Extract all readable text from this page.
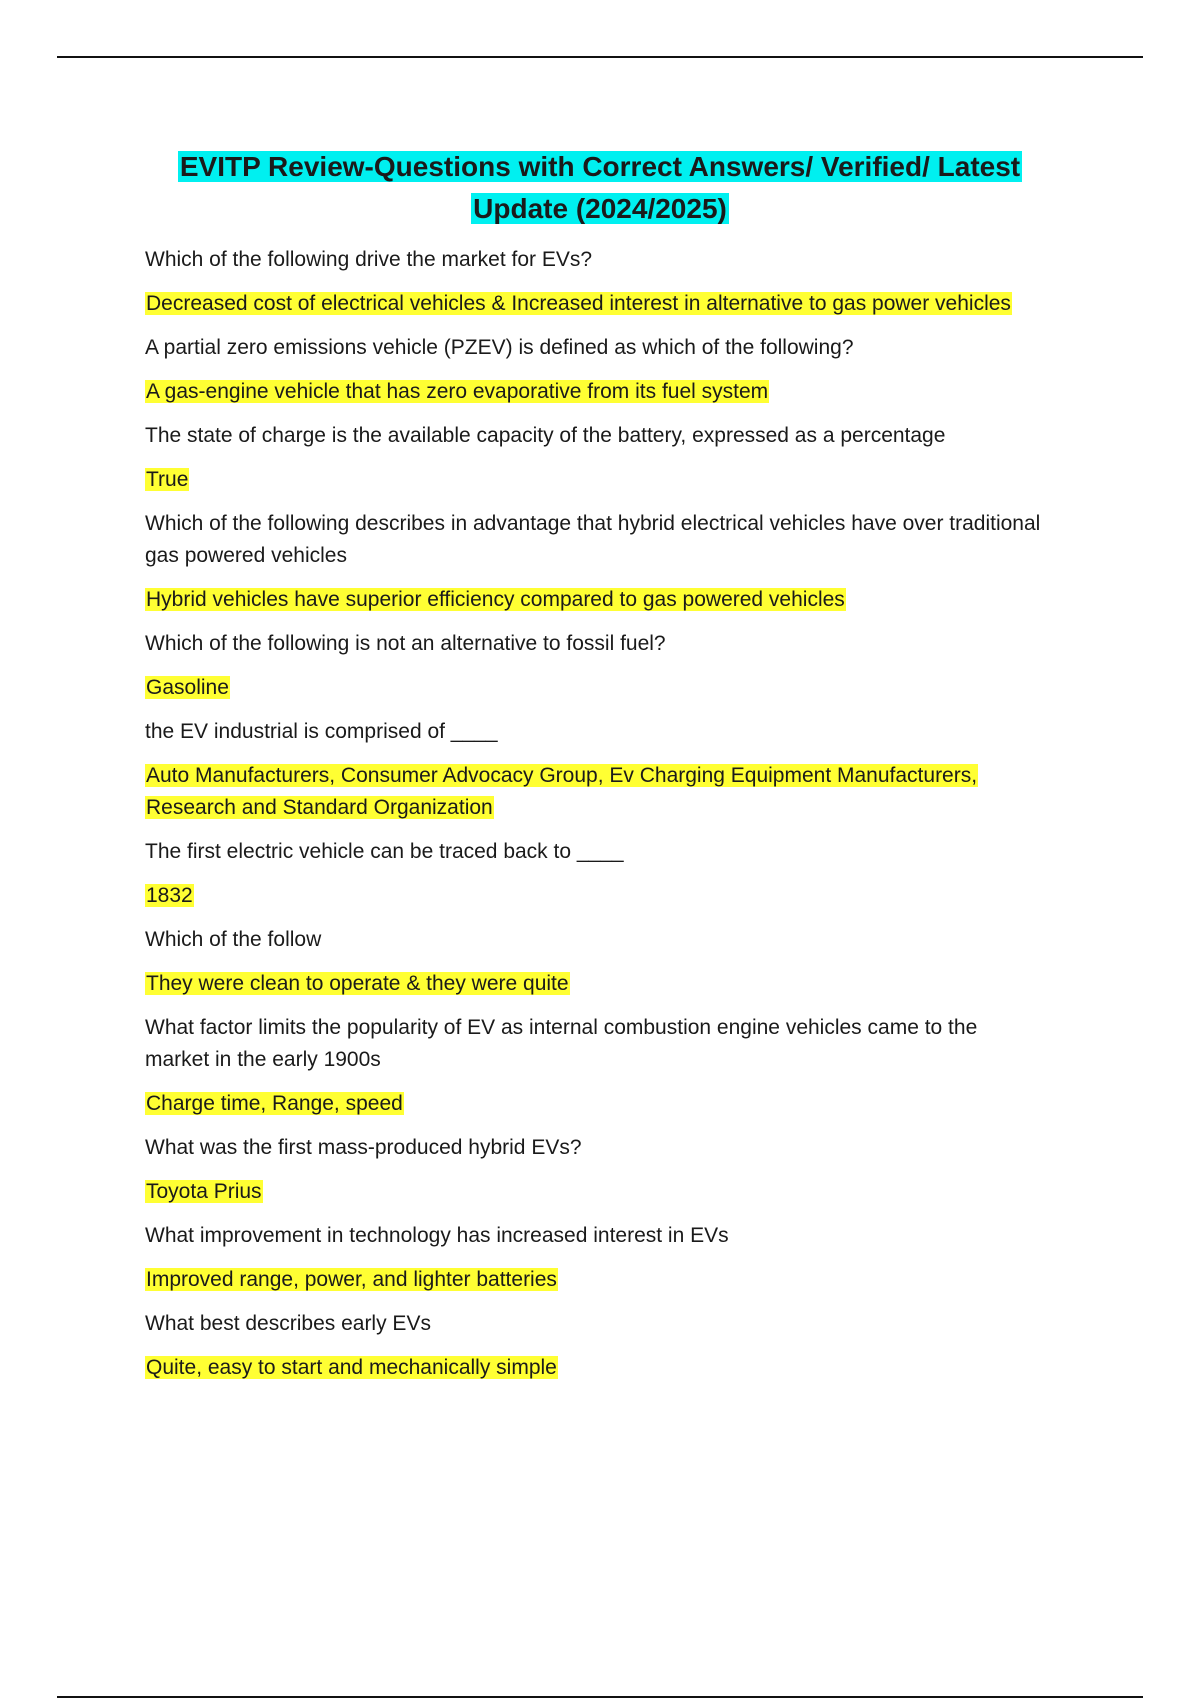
EVITP Review-Questions with Correct Answers/ Verified/ Latest
Update (2024/2025)

Which of the following drive the market for EVs?

Decreased cost of electrical vehicles & Increased interest in alternative to gas power vehicles

A partial zero emissions vehicle (PZEV) is defined as which of the following?

A gas-engine vehicle that has zero evaporative from its fuel system

The state of charge is the available capacity of the battery, expressed as a percentage

True

Which of the following describes in advantage that hybrid electrical vehicles have over traditional gas powered vehicles

Hybrid vehicles have superior efficiency compared to gas powered vehicles

Which of the following is not an alternative to fossil fuel?

Gasoline

the EV industrial is comprised of ____

Auto Manufacturers, Consumer Advocacy Group, Ev Charging Equipment Manufacturers, Research and Standard Organization

The first electric vehicle can be traced back to ____

1832

Which of the follow

They were clean to operate & they were quite

What factor limits the popularity of EV as internal combustion engine vehicles came to the market in the early 1900s

Charge time, Range, speed

What was the first mass-produced hybrid EVs?

Toyota Prius

What improvement in technology has increased interest in EVs

Improved range, power, and lighter batteries

What best describes early EVs

Quite, easy to start and mechanically simple
